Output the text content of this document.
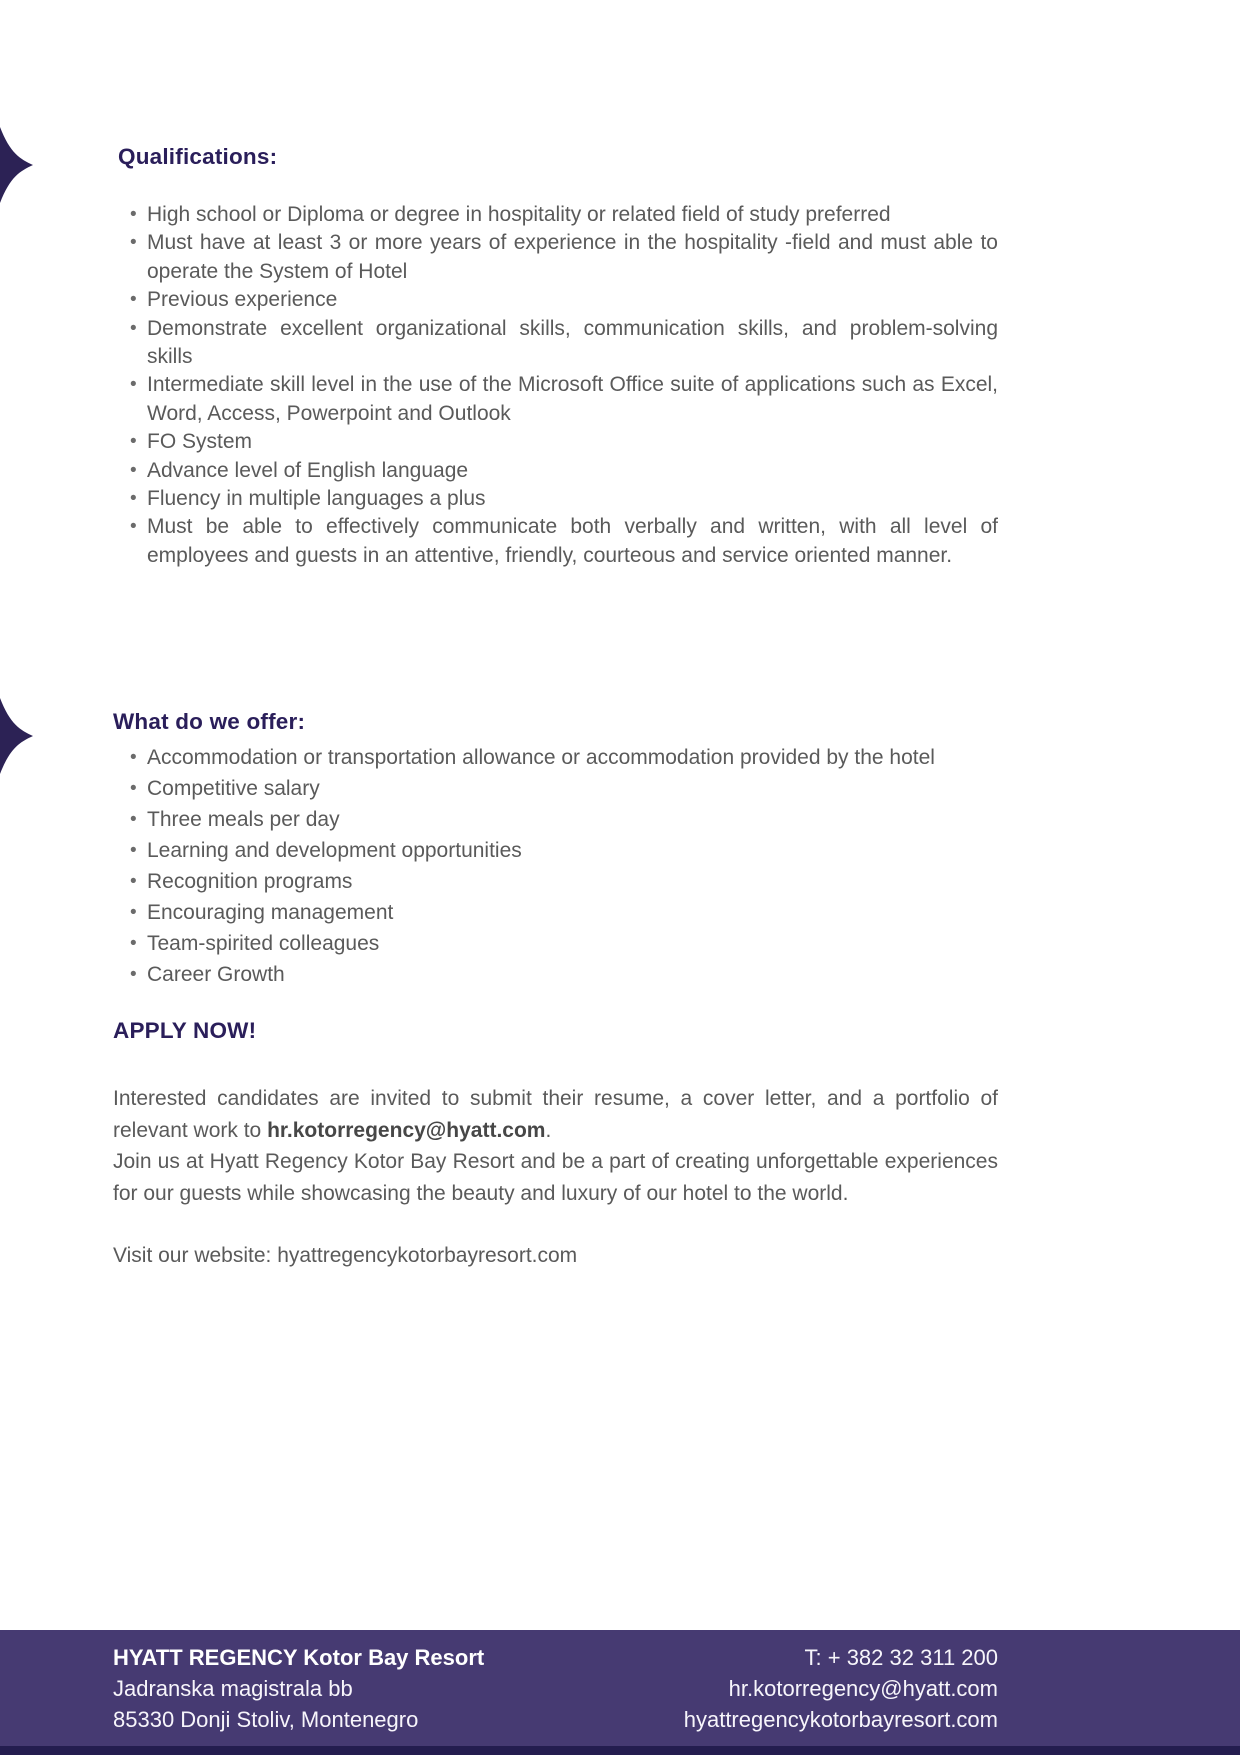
Qualifications:
• High school or Diploma or degree in hospitality or related field of study preferred
• Must have at least 3 or more years of experience in the hospitality -field and must able to operate the System of Hotel
• Previous experience
• Demonstrate excellent organizational skills, communication skills, and problem-solving skills
• Intermediate skill level in the use of the Microsoft Office suite of applications such as Excel, Word, Access, Powerpoint and Outlook
• FO System
• Advance level of English language
• Fluency in multiple languages a plus
• Must be able to effectively communicate both verbally and written, with all level of employees and guests in an attentive, friendly, courteous and service oriented manner.
What do we offer:
• Accommodation or transportation allowance or accommodation provided by the hotel
• Competitive salary
• Three meals per day
• Learning and development opportunities
• Recognition programs
• Encouraging management
• Team-spirited colleagues
• Career Growth
APPLY NOW!

Interested candidates are invited to submit their resume, a cover letter, and a portfolio of relevant work to hr.kotorregency@hyatt.com.

Join us at Hyatt Regency Kotor Bay Resort and be a part of creating unforgettable experiences for our guests while showcasing the beauty and luxury of our hotel to the world.

Visit our website: hyattregencykotorbayresort.com

HYATT REGENCY Kotor Bay Resort
Jadranska magistrala bb
85330 Donji Stoliv, Montenegro
T: + 382 32 311 200
hr.kotorregency@hyatt.com
hyattregencykotorbayresort.com
